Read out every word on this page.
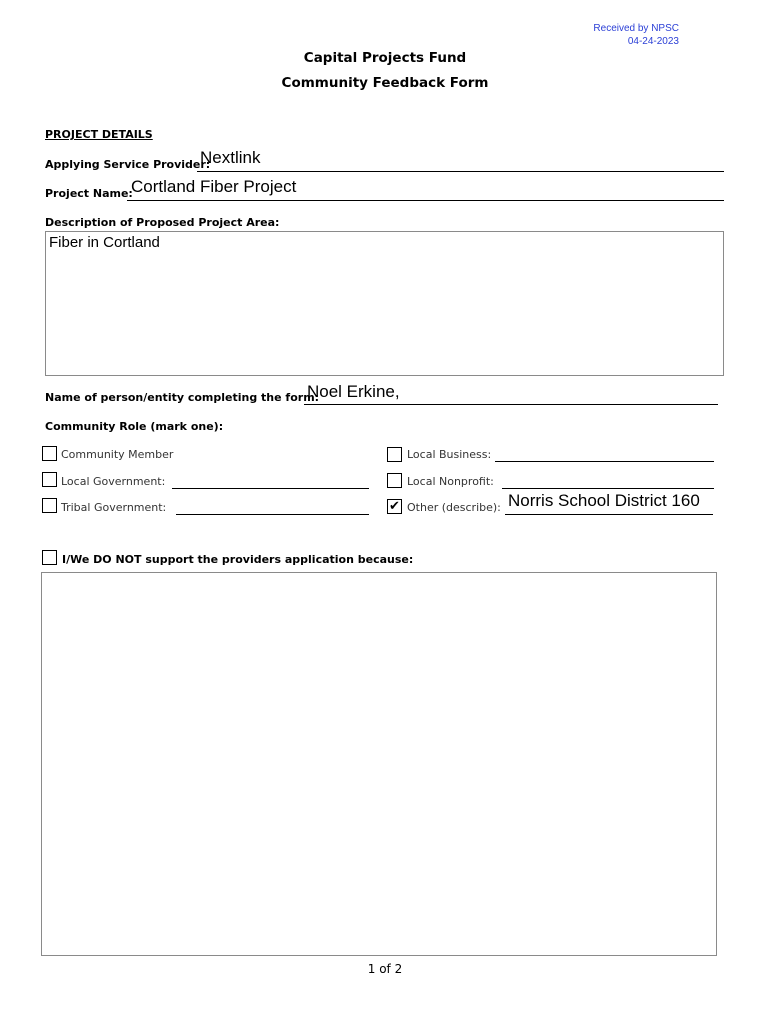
Received by NPSC
04-24-2023
Capital Projects Fund
Community Feedback Form
PROJECT DETAILS
Applying Service Provider:
Nextlink
Project Name:
Cortland Fiber Project
Description of Proposed Project Area:
Fiber in Cortland
Name of person/entity completing the form:
Noel Erkine,
Community Role (mark one):
Community Member	Local Business:
Local Government:	Local Nonprofit:
Tribal Government:	✔ Other (describe): Norris School District 160
I/We DO NOT support the providers application because:
1 of 2
